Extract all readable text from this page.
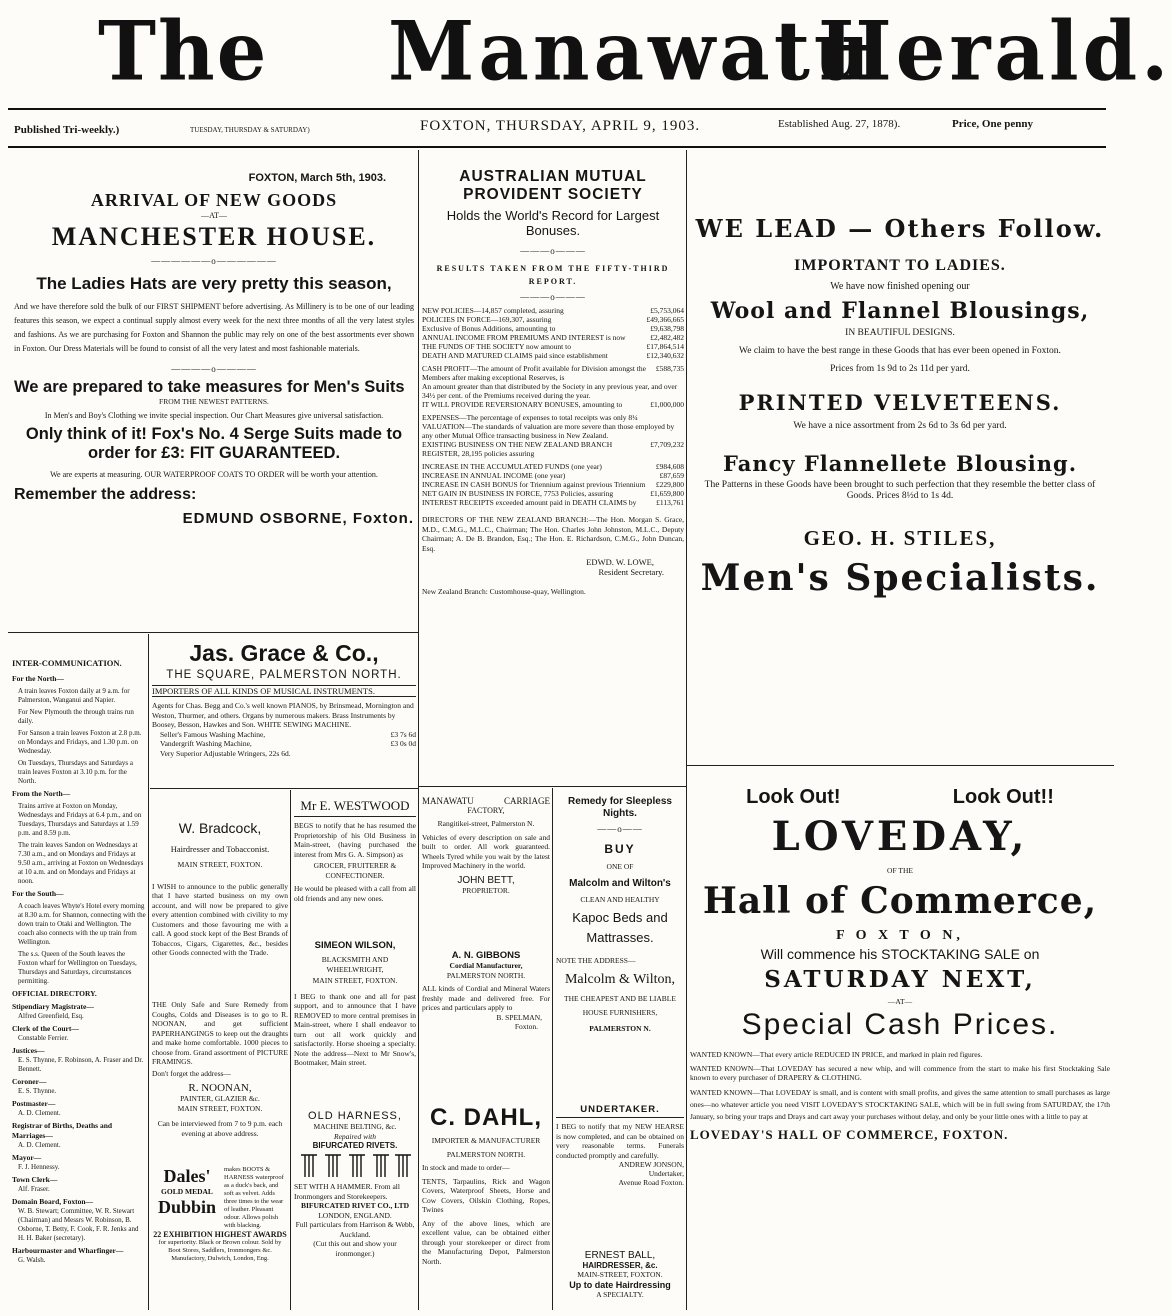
The Manawatu
Herald.
Published Tri-weekly.)	TUESDAY, THURSDAY & SATURDAY)	FOXTON, THURSDAY, APRIL 9, 1903.	Established Aug. 27, 1878).	Price, One penny
FOXTON, March 5th, 1903.
ARRIVAL OF NEW GOODS
—AT—
MANCHESTER HOUSE.
——————o——————
The Ladies Hats are very pretty this season,

And we have therefore sold the bulk of our FIRST SHIPMENT before advertising. As Millinery is to be one of our leading features this season, we expect a continual supply almost every week for the next three months of all the very latest styles and fashions. As we are purchasing for Foxton and Shannon the public may rely on one of the best assortments ever shown in Foxton. Our Dress Materials will be found to consist of all the very latest and most fashionable materials.

————o————
We are prepared to take measures for Men's Suits
FROM THE NEWEST PATTERNS.

In Men's and Boy's Clothing we invite special inspection. Our Chart Measures give universal satisfaction.

Only think of it! Fox's No. 4 Serge Suits made to order for £3: FIT GUARANTEED.

We are experts at measuring. OUR WATERPROOF COATS TO ORDER will be worth your attention.

Remember the address:
EDMUND OSBORNE, Foxton.
AUSTRALIAN MUTUAL
PROVIDENT SOCIETY
Holds the World's Record for Largest Bonuses.
———o———
RESULTS TAKEN FROM THE FIFTY-THIRD REPORT.
———o———
NEW POLICIES—14,857 completed, assuring	£5,753,064
POLICIES IN FORCE—169,307, assuring	£49,366,665
Exclusive of Bonus Additions, amounting to	£9,638,798
ANNUAL INCOME FROM PREMIUMS AND INTEREST is now	£2,482,482
THE FUNDS OF THE SOCIETY now amount to	£17,864,514
DEATH AND MATURED CLAIMS paid since establishment	£12,340,632
CASH PROFIT—The amount of Profit available for Division amongst the Members after making exceptional Reserves, is
£588,735
An amount greater than that distributed by the Society in any previous year, and over 34½ per cent. of the Premiums received during the year.
IT WILL PROVIDE REVERSIONARY BONUSES, amounting to	£1,000,000
EXPENSES—The percentage of expenses to total receipts was only 8¼
VALUATION—The standards of valuation are more severe than those employed by any other Mutual Office transacting business in New Zealand.
EXISTING BUSINESS ON THE NEW ZEALAND BRANCH REGISTER, 28,195 policies assuring
£7,709,232
INCREASE IN THE ACCUMULATED FUNDS (one year)	£984,608
INCREASE IN ANNUAL INCOME (one year)	£87,659
INCREASE IN CASH BONUS for Triennium against previous Triennium £229,800
NET GAIN IN BUSINESS IN FORCE, 7753 Policies, assuring	£1,659,800
INTEREST RECEIPTS exceeded amount paid in DEATH CLAIMS by	£113,761

DIRECTORS OF THE NEW ZEALAND BRANCH:—The Hon. Morgan S. Grace, M.D., C.M.G., M.L.C., Chairman; The Hon. Charles John Johnston, M.L.C., Deputy Chairman; A. De B. Brandon, Esq.; The Hon. E. Richardson, C.M.G., John Duncan, Esq.

EDWD. W. LOWE,
Resident Secretary.
New Zealand Branch: Customhouse-quay, Wellington.
WE LEAD — Others Follow.
IMPORTANT TO LADIES.
We have now finished opening our
Wool and Flannel Blousings,
IN BEAUTIFUL DESIGNS.
We claim to have the best range in these Goods that has ever been opened in Foxton.
Prices from 1s 9d to 2s 11d per yard.
PRINTED VELVETEENS.
We have a nice assortment from 2s 6d to 3s 6d per yard.
Fancy Flannellete Blousing.
The Patterns in these Goods have been brought to such perfection that they resemble the better class of Goods. Prices 8½d to 1s 4d.
GEO. H. STILES,
Men's Specialists.
INTER-COMMUNICATION.
For the North—
A train leaves Foxton daily at 9 a.m. for Palmerston, Wanganui and Napier.
For New Plymouth the through trains run daily.
For Sanson a train leaves Foxton at 2.8 p.m. on Mondays and Fridays, and 1.30 p.m. on Wednesday.
On Tuesdays, Thursdays and Saturdays a train leaves Foxton at 3.10 p.m. for the North.
From the North—
Trains arrive at Foxton on Monday, Wednesdays and Fridays at 6.4 p.m., and on Tuesdays, Thursdays and Saturdays at 1.59 p.m. and 8.59 p.m.
The train leaves Sandon on Wednesdays at 7.30 a.m., and on Mondays and Fridays at 9.50 a.m., arriving at Foxton on Wednesdays at 10 a.m. and on Mondays and Fridays at noon.
For the South—
A coach leaves Whyte's Hotel every morning at 8.30 a.m. for Shannon, connecting with the down train to Otaki and Wellington. The coach also connects with the up train from Wellington.
The s.s. Queen of the South leaves the Foxton wharf for Wellington on Tuesdays, Thursdays and Saturdays, circumstances permitting.
OFFICIAL DIRECTORY.
Stipendiary Magistrate—
Alfred Greenfield, Esq.
Clerk of the Court—
Constable Ferrier.
Justices—
E. S. Thynne, F. Robinson, A. Fraser and Dr. Bennett.
Coroner—
E. S. Thynne.
Postmaster—
A. D. Clement.
Registrar of Births, Deaths and Marriages—
A. D. Clement.
Mayor—
F. J. Hennessy.
Town Clerk—
Alf. Fraser.
Domain Board, Foxton—
W. B. Stewart; Committee, W. R. Stewart (Chairman) and Messrs W. Robinson, B. Osborne, T. Betty, F. Cook, F. R. Jenks and H. H. Baker (secretary).
Harbourmaster and Wharfinger—
G. Walsh.
Jas. Grace & Co.,
THE SQUARE, PALMERSTON NORTH.
IMPORTERS OF ALL KINDS OF MUSICAL INSTRUMENTS.

Agents for Chas. Begg and Co.'s well known PIANOS, by Brinsmead, Mornington and Weston, Thurmer, and others. Organs by numerous makers. Brass Instruments by Boosey, Besson, Hawkes and Son. WHITE SEWING MACHINE.

Seller's Famous Washing Machine,	£3 7s 6d
Vandergrift Washing Machine,	£3 0s 0d
Very Superior Adjustable Wringers, 22s 6d.
W. Bradcock,
Hairdresser and Tobacconist.
MAIN STREET, FOXTON.

I WISH to announce to the public generally that I have started business on my own account, and will now be prepared to give every attention combined with civility to my Customers and those favouring me with a call. A good stock kept of the Best Brands of Tobaccos, Cigars, Cigarettes, &c., besides other Goods connected with the Trade.

Mr E. WESTWOOD

BEGS to notify that he has resumed the Proprietorship of his Old Business in Main-street, (having purchased the interest from Mrs G. A. Simpson) as

GROCER, FRUITERER & CONFECTIONER.

He would be pleased with a call from all old friends and any new ones.

SIMEON WILSON,
BLACKSMITH AND WHEELWRIGHT,
MAIN STREET, FOXTON.

I BEG to thank one and all for past support, and to announce that I have REMOVED to more central premises in Main-street, where I shall endeavor to turn out all work quickly and satisfactorily. Horse shoeing a specialty. Note the address—Next to Mr Snow's, Bootmaker, Main street.

THE Only Safe and Sure Remedy from Coughs, Colds and Diseases is to go to R. NOONAN, and get sufficient PAPERHANGINGS to keep out the draughts and make home comfortable. 1000 pieces to choose from. Grand assortment of PICTURE FRAMINGS.

Don't forget the address—
R. NOONAN,
PAINTER, GLAZIER &c.
MAIN STREET, FOXTON.

Can be interviewed from 7 to 9 p.m. each evening at above address.

Dales'
GOLD MEDAL
Dubbin

makes BOOTS & HARNESS waterproof as a duck's back, and soft as velvet. Adds three times to the wear of leather. Pleasant odour. Allows polish with blacking.

22 EXHIBITION HIGHEST AWARDS

for superiority. Black or Brown colour. Sold by Boot Stores, Saddlers, Ironmongers &c. Manufactory, Dulwich, London, Eng.

OLD HARNESS,
MACHINE BELTING, &c.
Repaired with
BIFURCATED RIVETS.

SET WITH A HAMMER. From all Ironmongers and Storekeepers.

BIFURCATED RIVET CO., LTD
LONDON, ENGLAND.
Full particulars from Harrison & Webb, Auckland.
(Cut this out and show your ironmonger.)
MANAWATU	CARRIAGE
FACTORY,
Rangitikei-street, Palmerston N.

Vehicles of every description on sale and built to order. All work guaranteed. Wheels Tyred while you wait by the latest Improved Machinery in the world.

JOHN BETT,
PROPRIETOR.
A. N. GIBBONS
Cordial Manufacturer,
PALMERSTON NORTH.

ALL kinds of Cordial and Mineral Waters freshly made and delivered free. For prices and particulars apply to

B. SPELMAN,
Foxton.
C. DAHL,
IMPORTER & MANUFACTURER
PALMERSTON NORTH.
In stock and made to order—

TENTS, Tarpaulins, Rick and Wagon Covers, Waterproof Sheets, Horse and Cow Covers, Oilskin Clothing, Ropes, Twines

Any of the above lines, which are excellent value, can be obtained either through your storekeeper or direct from the Manufacturing Depot, Palmerston North.

Remedy for Sleepless Nights.
——o——
BUY
ONE OF
Malcolm and Wilton's
CLEAN AND HEALTHY
Kapoc Beds and Mattrasses.
NOTE THE ADDRESS—
Malcolm & Wilton,
THE CHEAPEST AND BE LIABLE HOUSE FURNISHERS,
PALMERSTON N.
UNDERTAKER.

I BEG to notify that my NEW HEARSE is now completed, and can be obtained on very reasonable terms. Funerals conducted promptly and carefully.

ANDREW JONSON,
Undertaker,
Avenue Road Foxton.
ERNEST BALL,
HAIRDRESSER, &c.
MAIN-STREET, FOXTON.
Up to date Hairdressing
A SPECIALTY.
Look Out!	Look Out!!
LOVEDAY,
OF THE
Hall of Commerce,
F O X T O N,
Will commence his STOCKTAKING SALE on
SATURDAY NEXT,
—AT—
Special Cash Prices.

WANTED KNOWN—That every article REDUCED IN PRICE, and marked in plain red figures.

WANTED KNOWN—That LOVEDAY has secured a new whip, and will commence from the start to make his first Stocktaking Sale known to every purchaser of DRAPERY & CLOTHING.

WANTED KNOWN—That LOVEDAY is small, and is content with small profits, and gives the same attention to small purchases as large ones—no whatever article you need VISIT LOVEDAY'S STOCKTAKING SALE, which will be in full swing from SATURDAY, the 17th January, so bring your traps and Drays and cart away your purchases without delay, and only be your little ones with a little to pay at

LOVEDAY'S HALL OF COMMERCE, FOXTON.
